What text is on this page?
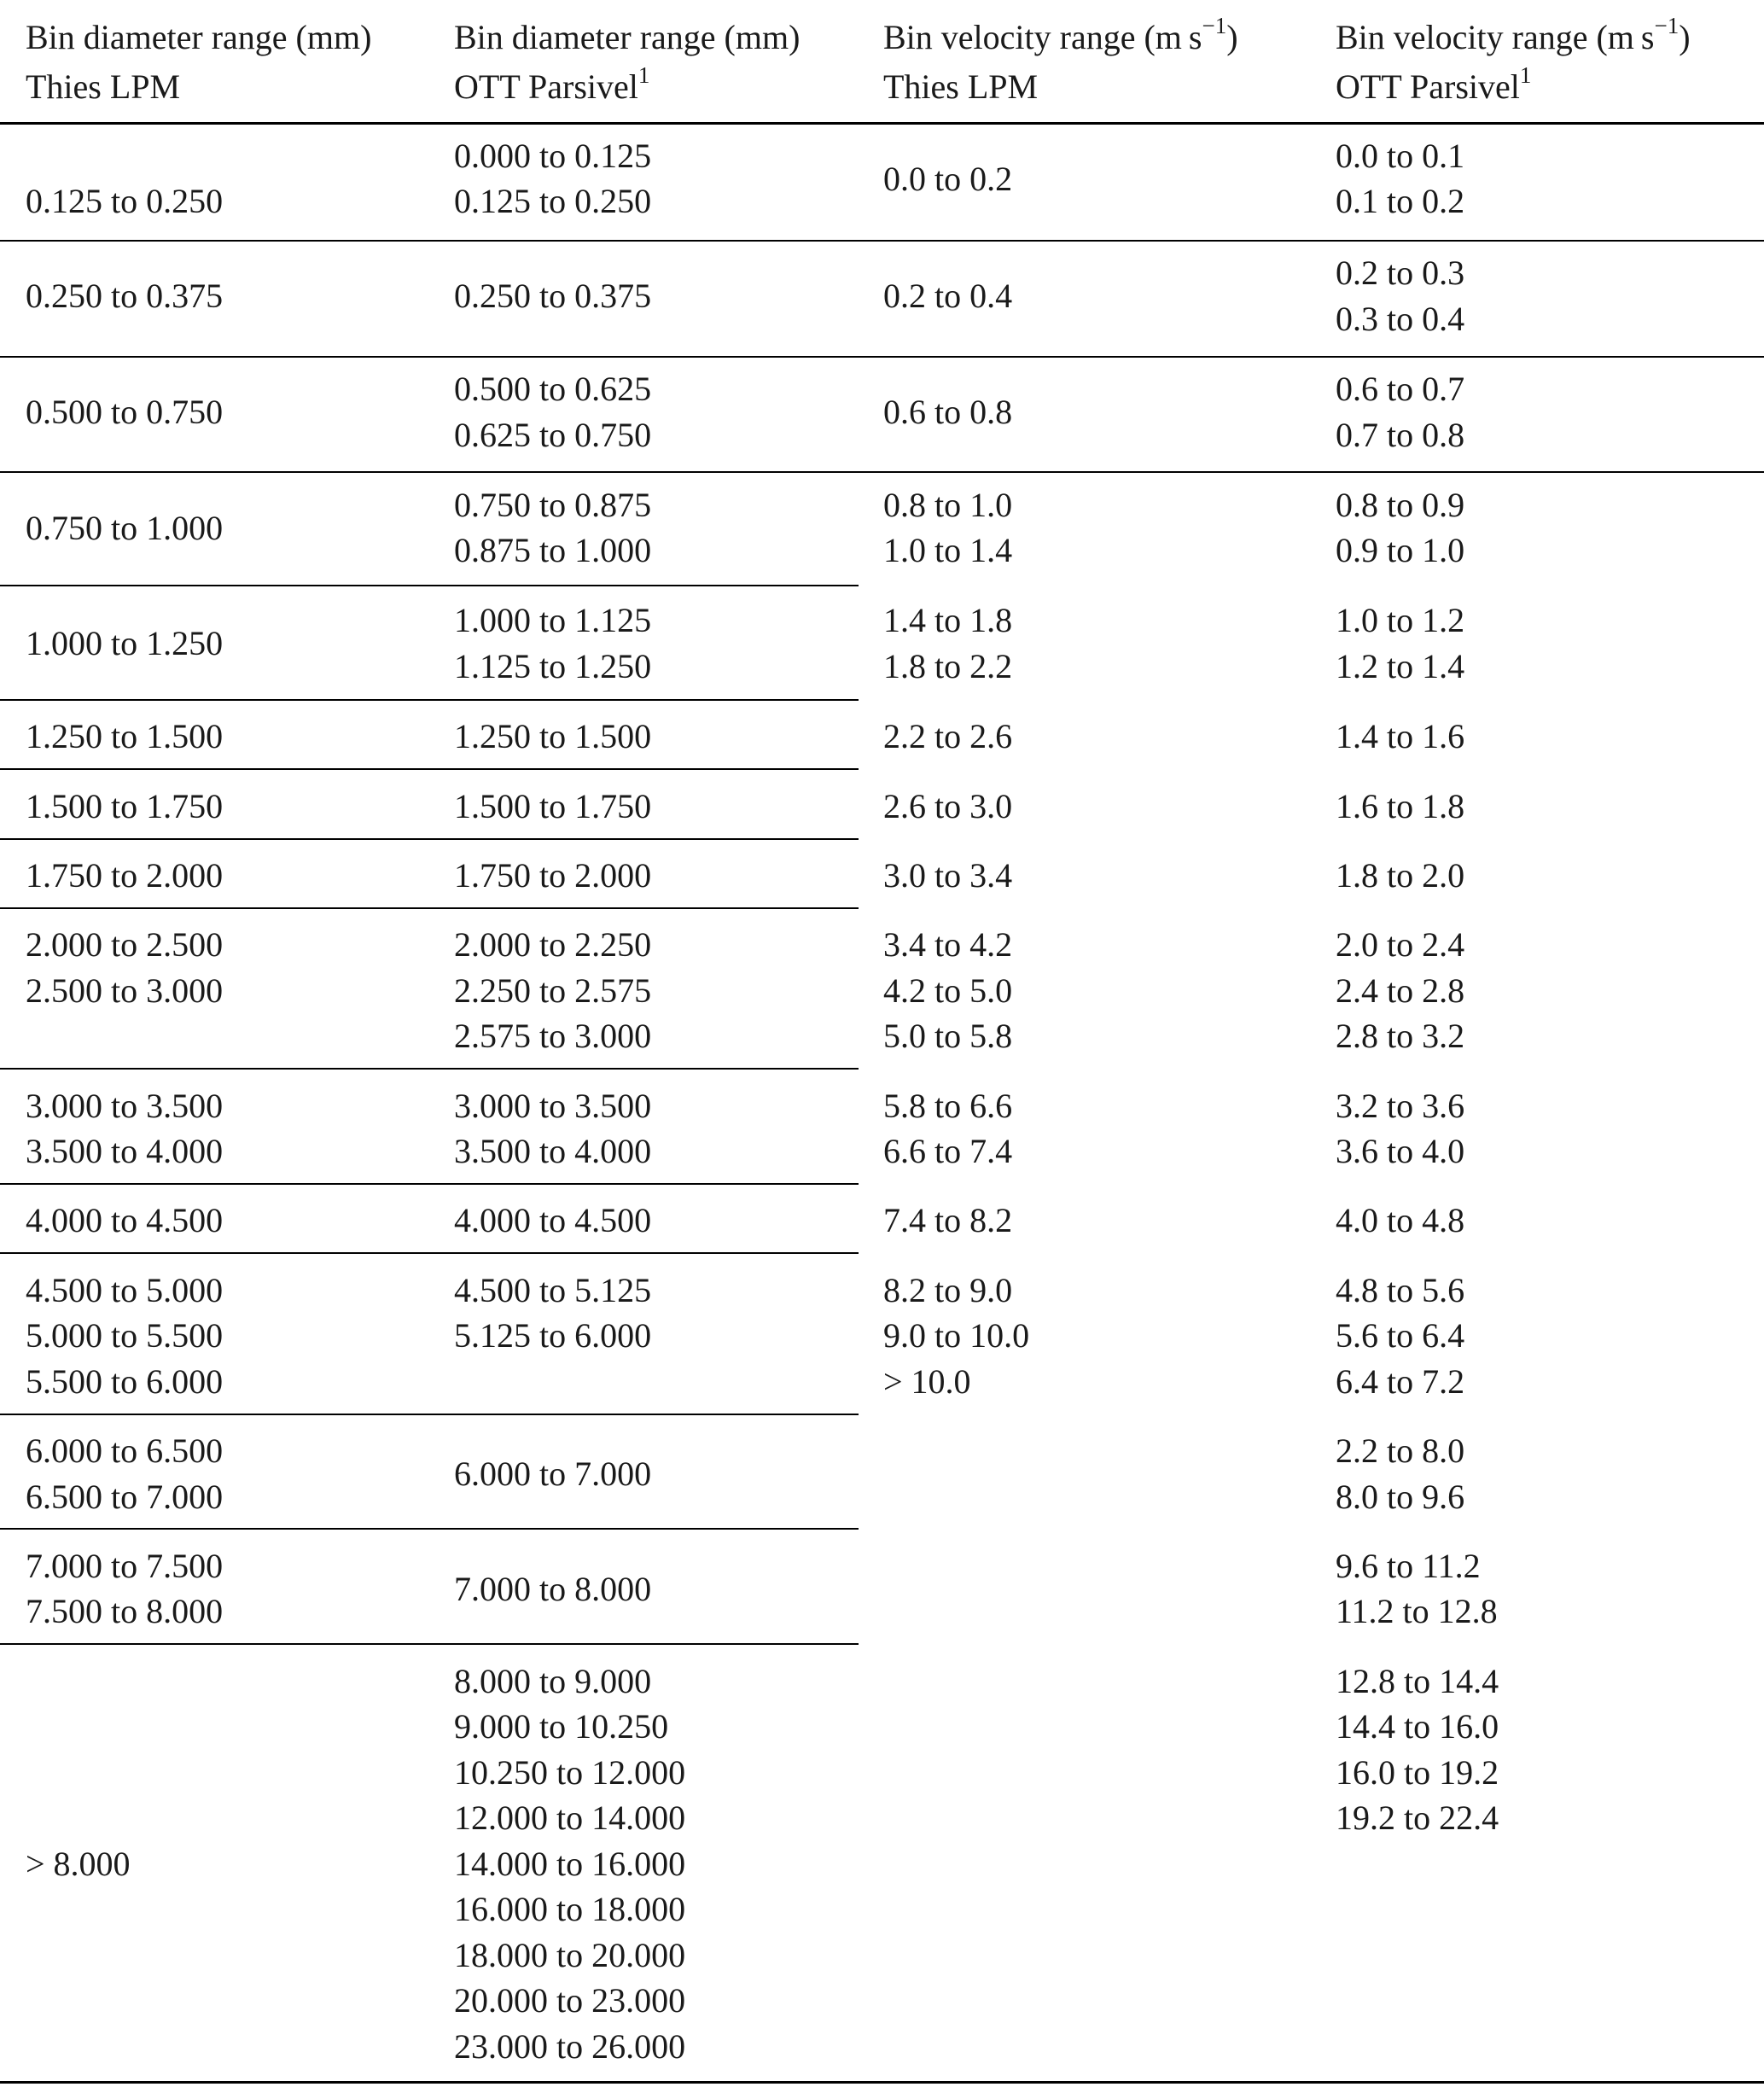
Bin diameter range (mm)
Thies LPM
Bin diameter range (mm)
OTT Parsivel$^1$
Bin velocity range (m $s^{-1}$)
Thies LPM
Bin velocity range (m $s^{-1}$)
OTT Parsivel$^1$
0.125 to 0.250
0.250 to 0.375
0.500 to 0.750
0.750 to 1.000
1.000 to 1.250
1.250 to 1.500
1.500 to 1.750
1.750 to 2.000
2.000 to 2.500
2.500 to 3.000
3.000 to 3.500
3.500 to 4.000
4.000 to 4.500
4.500 to 5.000
5.000 to 5.500
5.500 to 6.000
6.000 to 6.500
6.500 to 7.000
7.000 to 7.500
7.500 to 8.000
> 8.000
0.000 to 0.125
0.125 to 0.250
0.250 to 0.375
0.500 to 0.625
0.625 to 0.750
0.750 to 0.875
0.875 to 1.000
1.000 to 1.125
1.125 to 1.250
1.250 to 1.500
1.500 to 1.750
1.750 to 2.000
2.000 to 2.250
2.250 to 2.575
2.575 to 3.000
3.000 to 3.500
3.500 to 4.000
4.000 to 4.500
4.500 to 5.125
5.125 to 6.000
6.000 to 7.000
7.000 to 8.000
8.000 to 9.000
9.000 to 10.250
10.250 to 12.000
12.000 to 14.000
14.000 to 16.000
16.000 to 18.000
18.000 to 20.000
20.000 to 23.000
23.000 to 26.000
0.0 to 0.2
0.2 to 0.4
0.6 to 0.8
0.8 to 1.0
1.0 to 1.4
1.4 to 1.8
1.8 to 2.2
2.2 to 2.6
2.6 to 3.0
3.0 to 3.4
3.4 to 4.2
4.2 to 5.0
5.0 to 5.8
5.8 to 6.6
6.6 to 7.4
7.4 to 8.2
8.2 to 9.0
9.0 to 10.0
> 10.0
0.0 to 0.1
0.1 to 0.2
0.2 to 0.3
0.3 to 0.4
0.6 to 0.7
0.7 to 0.8
0.8 to 0.9
0.9 to 1.0
1.0 to 1.2
1.2 to 1.4
1.4 to 1.6
1.6 to 1.8
1.8 to 2.0
2.0 to 2.4
2.4 to 2.8
2.8 to 3.2
3.2 to 3.6
3.6 to 4.0
4.0 to 4.8
4.8 to 5.6
5.6 to 6.4
6.4 to 7.2
2.2 to 8.0
8.0 to 9.6
9.6 to 11.2
11.2 to 12.8
12.8 to 14.4
14.4 to 16.0
16.0 to 19.2
19.2 to 22.4
